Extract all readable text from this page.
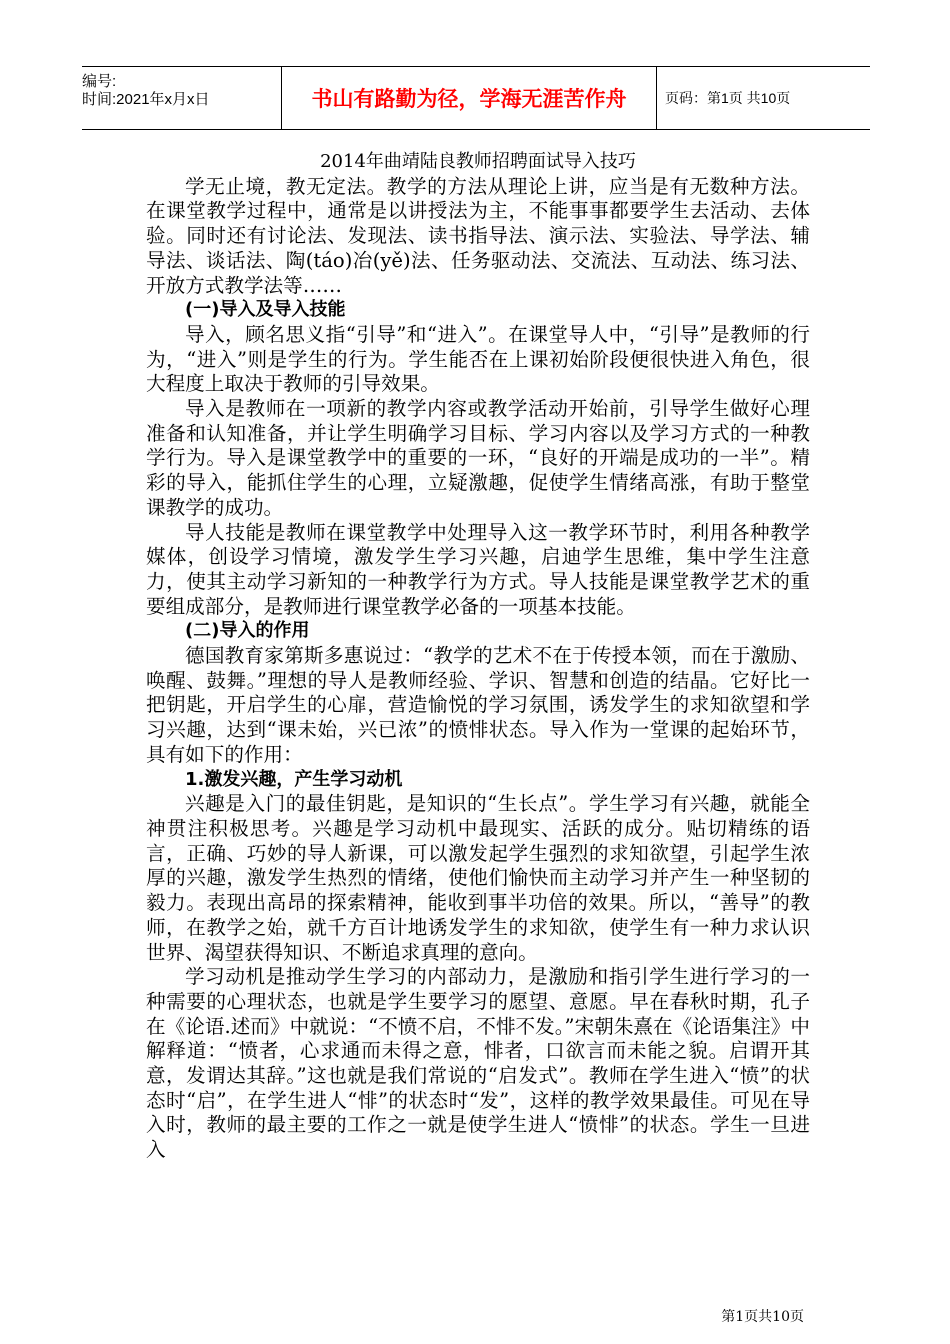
编号:
时间:2021年x月x日	书山有路勤为径，学海无涯苦作舟	页码：第1页 共10页

2014年曲靖陆良教师招聘面试导入技巧

学无止境，教无定法。教学的方法从理论上讲，应当是有无数种方法。 在课堂教学过程中，通常是以讲授法为主，不能事事都要学生去活动、去体验。同时还有讨论法、发现法、读书指导法、演示法、实验法、导学法、辅导法、谈话法、陶(táo)冶(yě)法、任务驱动法、交流法、互动法、练习法、开放方式教学法等……

(一)导入及导入技能

导入，顾名思义指“引导”和“进入”。在课堂导人中，“引导”是教师的行为，“进入”则是学生的行为。学生能否在上课初始阶段便很快进入角色，很大程度上取决于教师的引导效果。

导入是教师在一项新的教学内容或教学活动开始前，引导学生做好心理准备和认知准备，并让学生明确学习目标、学习内容以及学习方式的一种教学行为。导入是课堂教学中的重要的一环，“良好的开端是成功的一半”。精彩的导入，能抓住学生的心理，立疑激趣，促使学生情绪高涨，有助于整堂课教学的成功。

导人技能是教师在课堂教学中处理导入这一教学环节时，利用各种教学媒体，创设学习情境，激发学生学习兴趣，启迪学生思维，集中学生注意力，使其主动学习新知的一种教学行为方式。导人技能是课堂教学艺术的重要组成部分，是教师进行课堂教学必备的一项基本技能。

(二)导入的作用

德国教育家第斯多惠说过：“教学的艺术不在于传授本领，而在于激励、唤醒、鼓舞。”理想的导人是教师经验、学识、智慧和创造的结晶。它好比一把钥匙，开启学生的心扉，营造愉悦的学习氛围，诱发学生的求知欲望和学习兴趣，达到“课未始，兴已浓”的愤悱状态。导入作为一堂课的起始环节，具有如下的作用：

1.激发兴趣，产生学习动机

兴趣是入门的最佳钥匙，是知识的“生长点”。学生学习有兴趣，就能全神贯注积极思考。兴趣是学习动机中最现实、活跃的成分。贴切精练的语言，正确、巧妙的导人新课，可以激发起学生强烈的求知欲望，引起学生浓厚的兴趣，激发学生热烈的情绪，使他们愉快而主动学习并产生一种坚韧的毅力。表现出高昂的探索精神，能收到事半功倍的效果。所以，“善导”的教师，在教学之始，就千方百计地诱发学生的求知欲，使学生有一种力求认识世界、渴望获得知识、不断追求真理的意向。

学习动机是推动学生学习的内部动力，是激励和指引学生进行学习的一种需要的心理状态，也就是学生要学习的愿望、意愿。早在春秋时期，孔子在《论语.述而》中就说：“不愤不启，不悱不发。”宋朝朱熹在《论语集注》中解释道：“愤者，心求通而未得之意，悱者，口欲言而未能之貌。启谓开其意，发谓达其辞。”这也就是我们常说的“启发式”。教师在学生进入“愤”的状态时“启”，在学生进人“悱”的状态时“发”，这样的教学效果最佳。可见在导入时，教师的最主要的工作之一就是使学生进人“愤悱”的状态。学生一旦进入

第1页共10页
